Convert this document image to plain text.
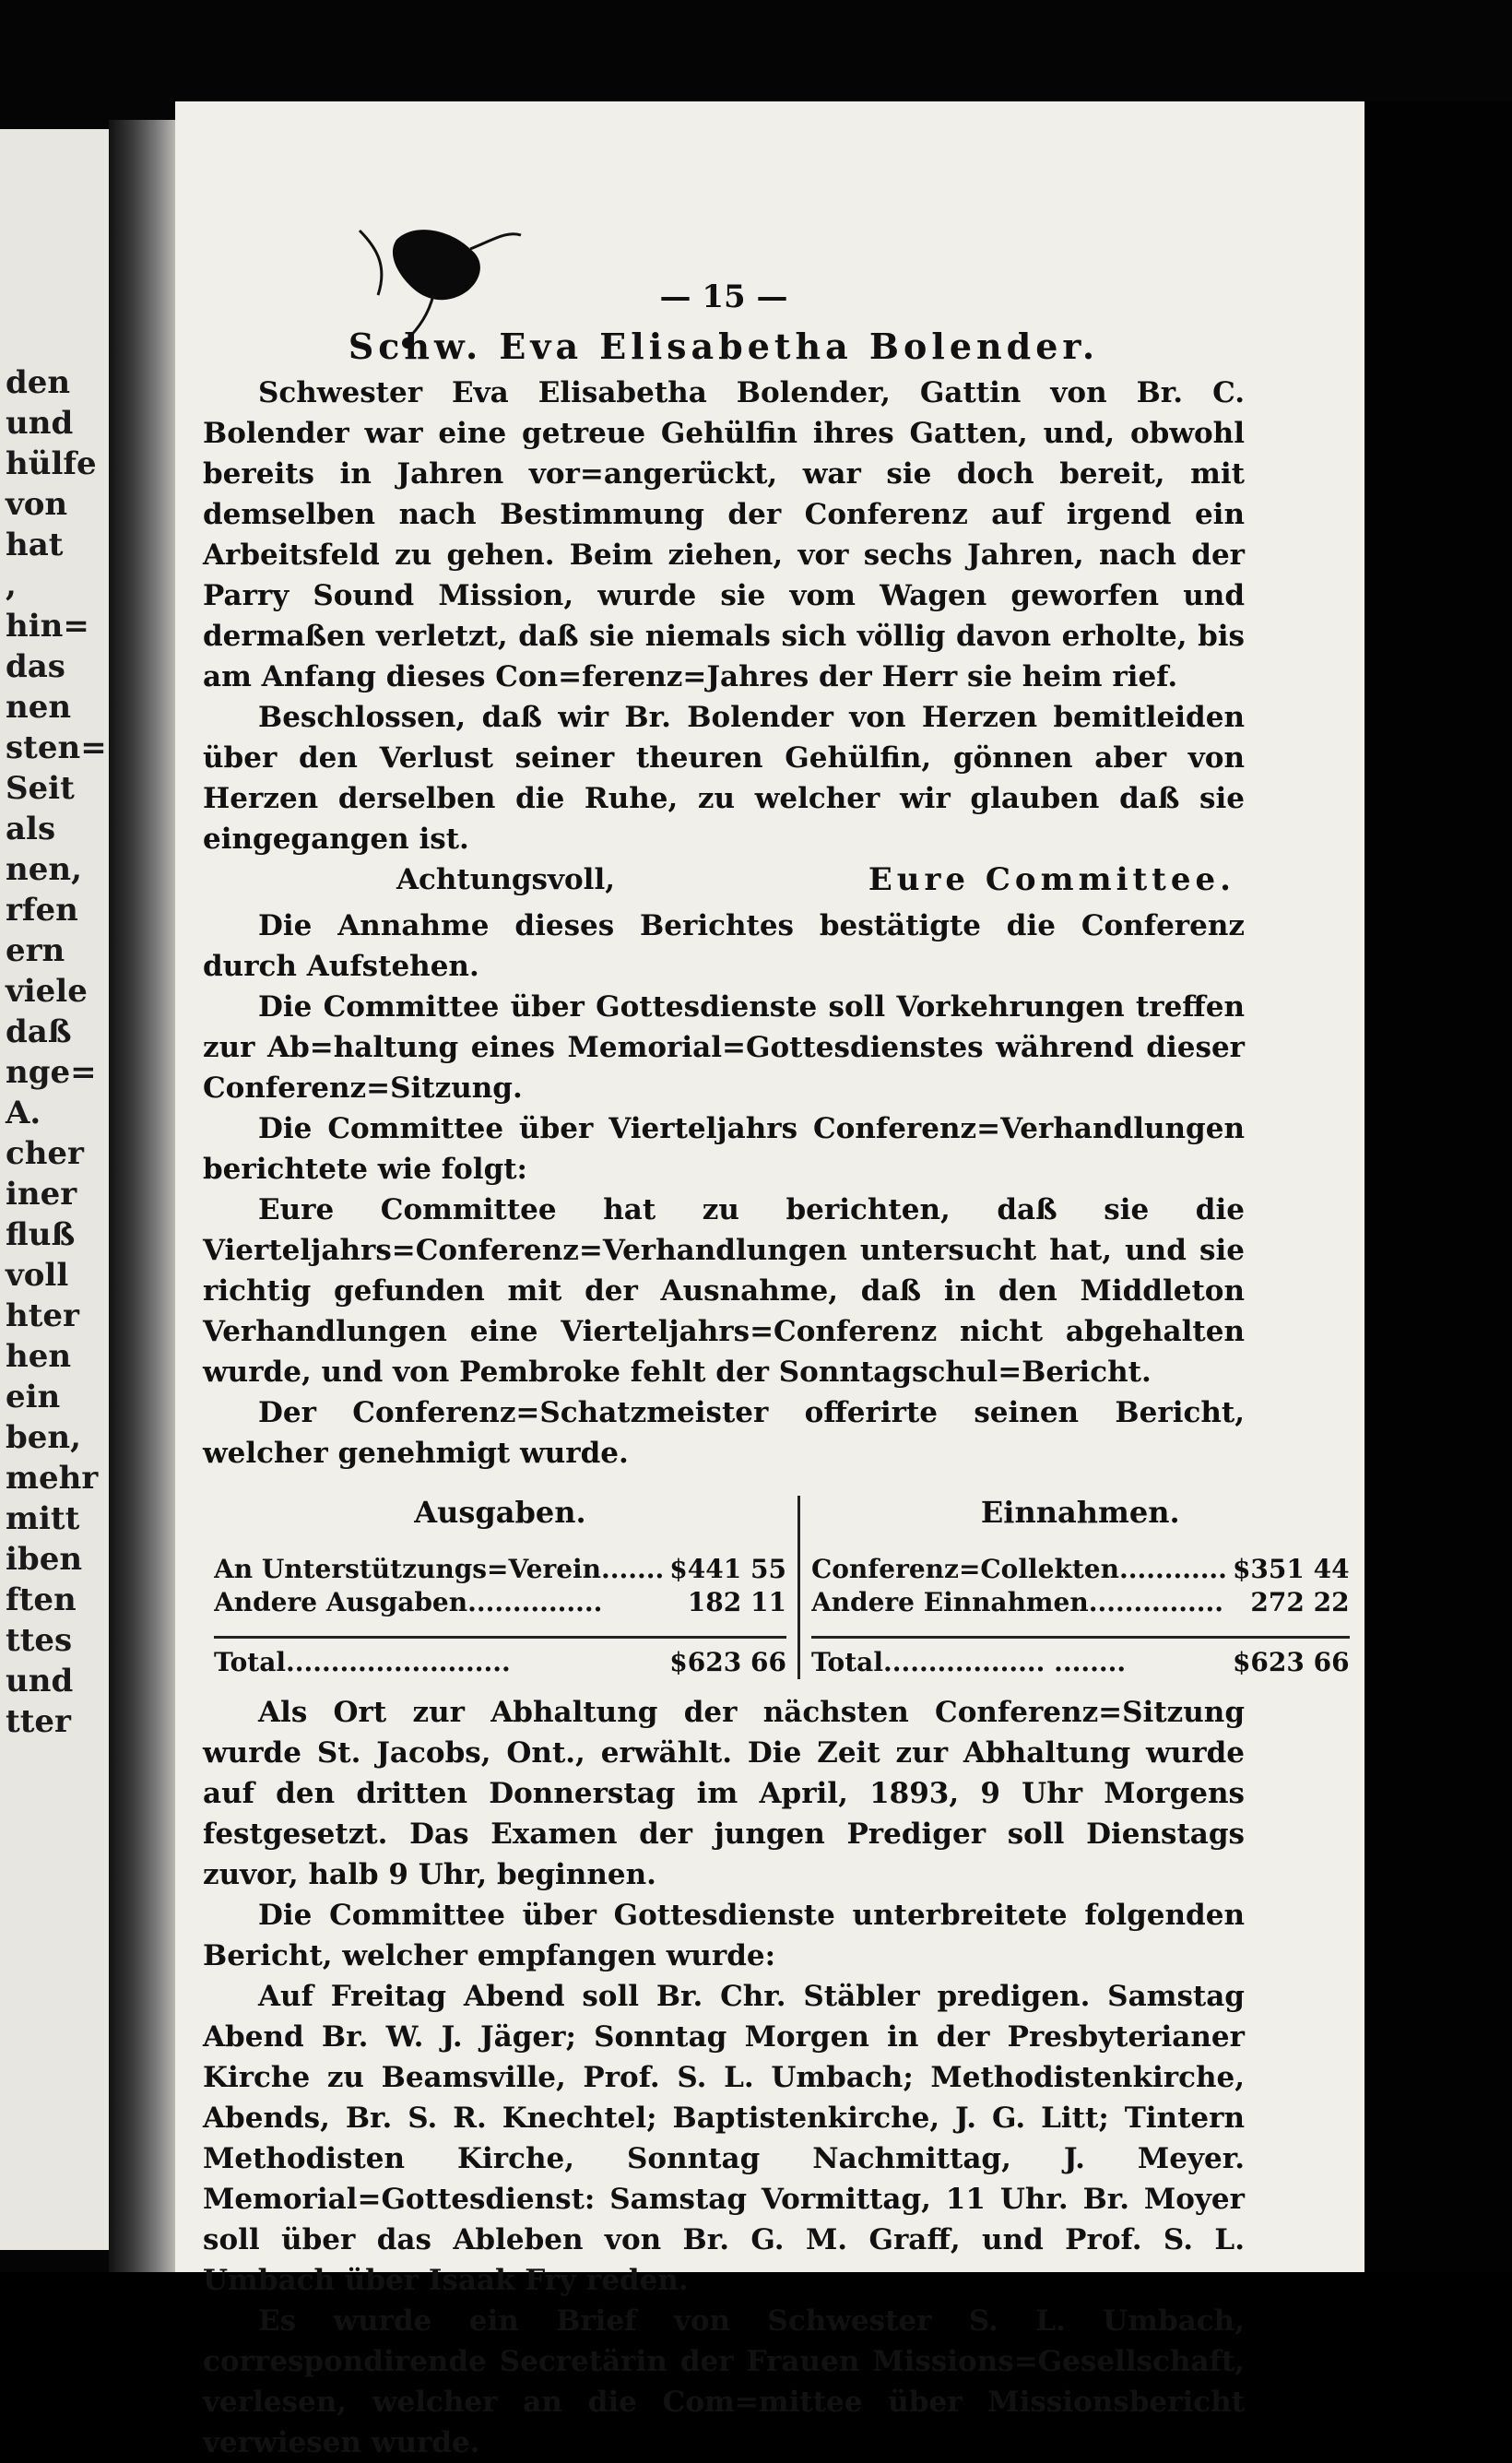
den
und
hülfe
von
hat
,
hin=
das
nen
sten=
Seit
als
nen,
rfen
ern
viele
daß
nge=
A.
cher
iner
fluß
voll
hter
hen
ein
ben,
mehr
mitt
iben
ften
ttes
und
tter
— 15 —
Schw. Eva Elisabetha Bolender.

Schwester Eva Elisabetha Bolender, Gattin von Br. C. Bolender war eine getreue Gehülfin ihres Gatten, und, obwohl bereits in Jahren vor=angerückt, war sie doch bereit, mit demselben nach Bestimmung der Conferenz auf irgend ein Arbeitsfeld zu gehen. Beim ziehen, vor sechs Jahren, nach der Parry Sound Mission, wurde sie vom Wagen geworfen und dermaßen verletzt, daß sie niemals sich völlig davon erholte, bis am Anfang dieses Con=ferenz=Jahres der Herr sie heim rief.

Beschlossen, daß wir Br. Bolender von Herzen bemitleiden über den Verlust seiner theuren Gehülfin, gönnen aber von Herzen derselben die Ruhe, zu welcher wir glauben daß sie eingegangen ist.

Achtungsvoll,	Eure Committee.

Die Annahme dieses Berichtes bestätigte die Conferenz durch Aufstehen.

Die Committee über Gottesdienste soll Vorkehrungen treffen zur Ab=haltung eines Memorial=Gottesdienstes während dieser Conferenz=Sitzung.

Die Committee über Vierteljahrs Conferenz=Verhandlungen berichtete wie folgt:

Eure Committee hat zu berichten, daß sie die Vierteljahrs=Conferenz=Verhandlungen untersucht hat, und sie richtig gefunden mit der Ausnahme, daß in den Middleton Verhandlungen eine Vierteljahrs=Conferenz nicht abgehalten wurde, und von Pembroke fehlt der Sonntagschul=Bericht.

Der Conferenz=Schatzmeister offerirte seinen Bericht, welcher genehmigt wurde.

Ausgaben.
An Unterstützungs=Verein....... $441 55
Andere Ausgaben...............	182 11
Total.........................	$623 66
Einnahmen.
Conferenz=Collekten............ $351 44
Andere Einnahmen............... 272 22
Total.................. ........	$623 66

Als Ort zur Abhaltung der nächsten Conferenz=Sitzung wurde St. Jacobs, Ont., erwählt. Die Zeit zur Abhaltung wurde auf den dritten Donnerstag im April, 1893, 9 Uhr Morgens festgesetzt. Das Examen der jungen Prediger soll Dienstags zuvor, halb 9 Uhr, beginnen.

Die Committee über Gottesdienste unterbreitete folgenden Bericht, welcher empfangen wurde:

Auf Freitag Abend soll Br. Chr. Stäbler predigen. Samstag Abend Br. W. J. Jäger; Sonntag Morgen in der Presbyterianer Kirche zu Beamsville, Prof. S. L. Umbach; Methodistenkirche, Abends, Br. S. R. Knechtel; Baptistenkirche, J. G. Litt; Tintern Methodisten Kirche, Sonntag Nachmittag, J. Meyer. Memorial=Gottesdienst: Samstag Vormittag, 11 Uhr. Br. Moyer soll über das Ableben von Br. G. M. Graff, und Prof. S. L. Umbach über Isaak Fry reden.

Es wurde ein Brief von Schwester S. L. Umbach, correspondirende Secretärin der Frauen Missions=Gesellschaft, verlesen, welcher an die Com=mittee über Missionsbericht verwiesen wurde.
